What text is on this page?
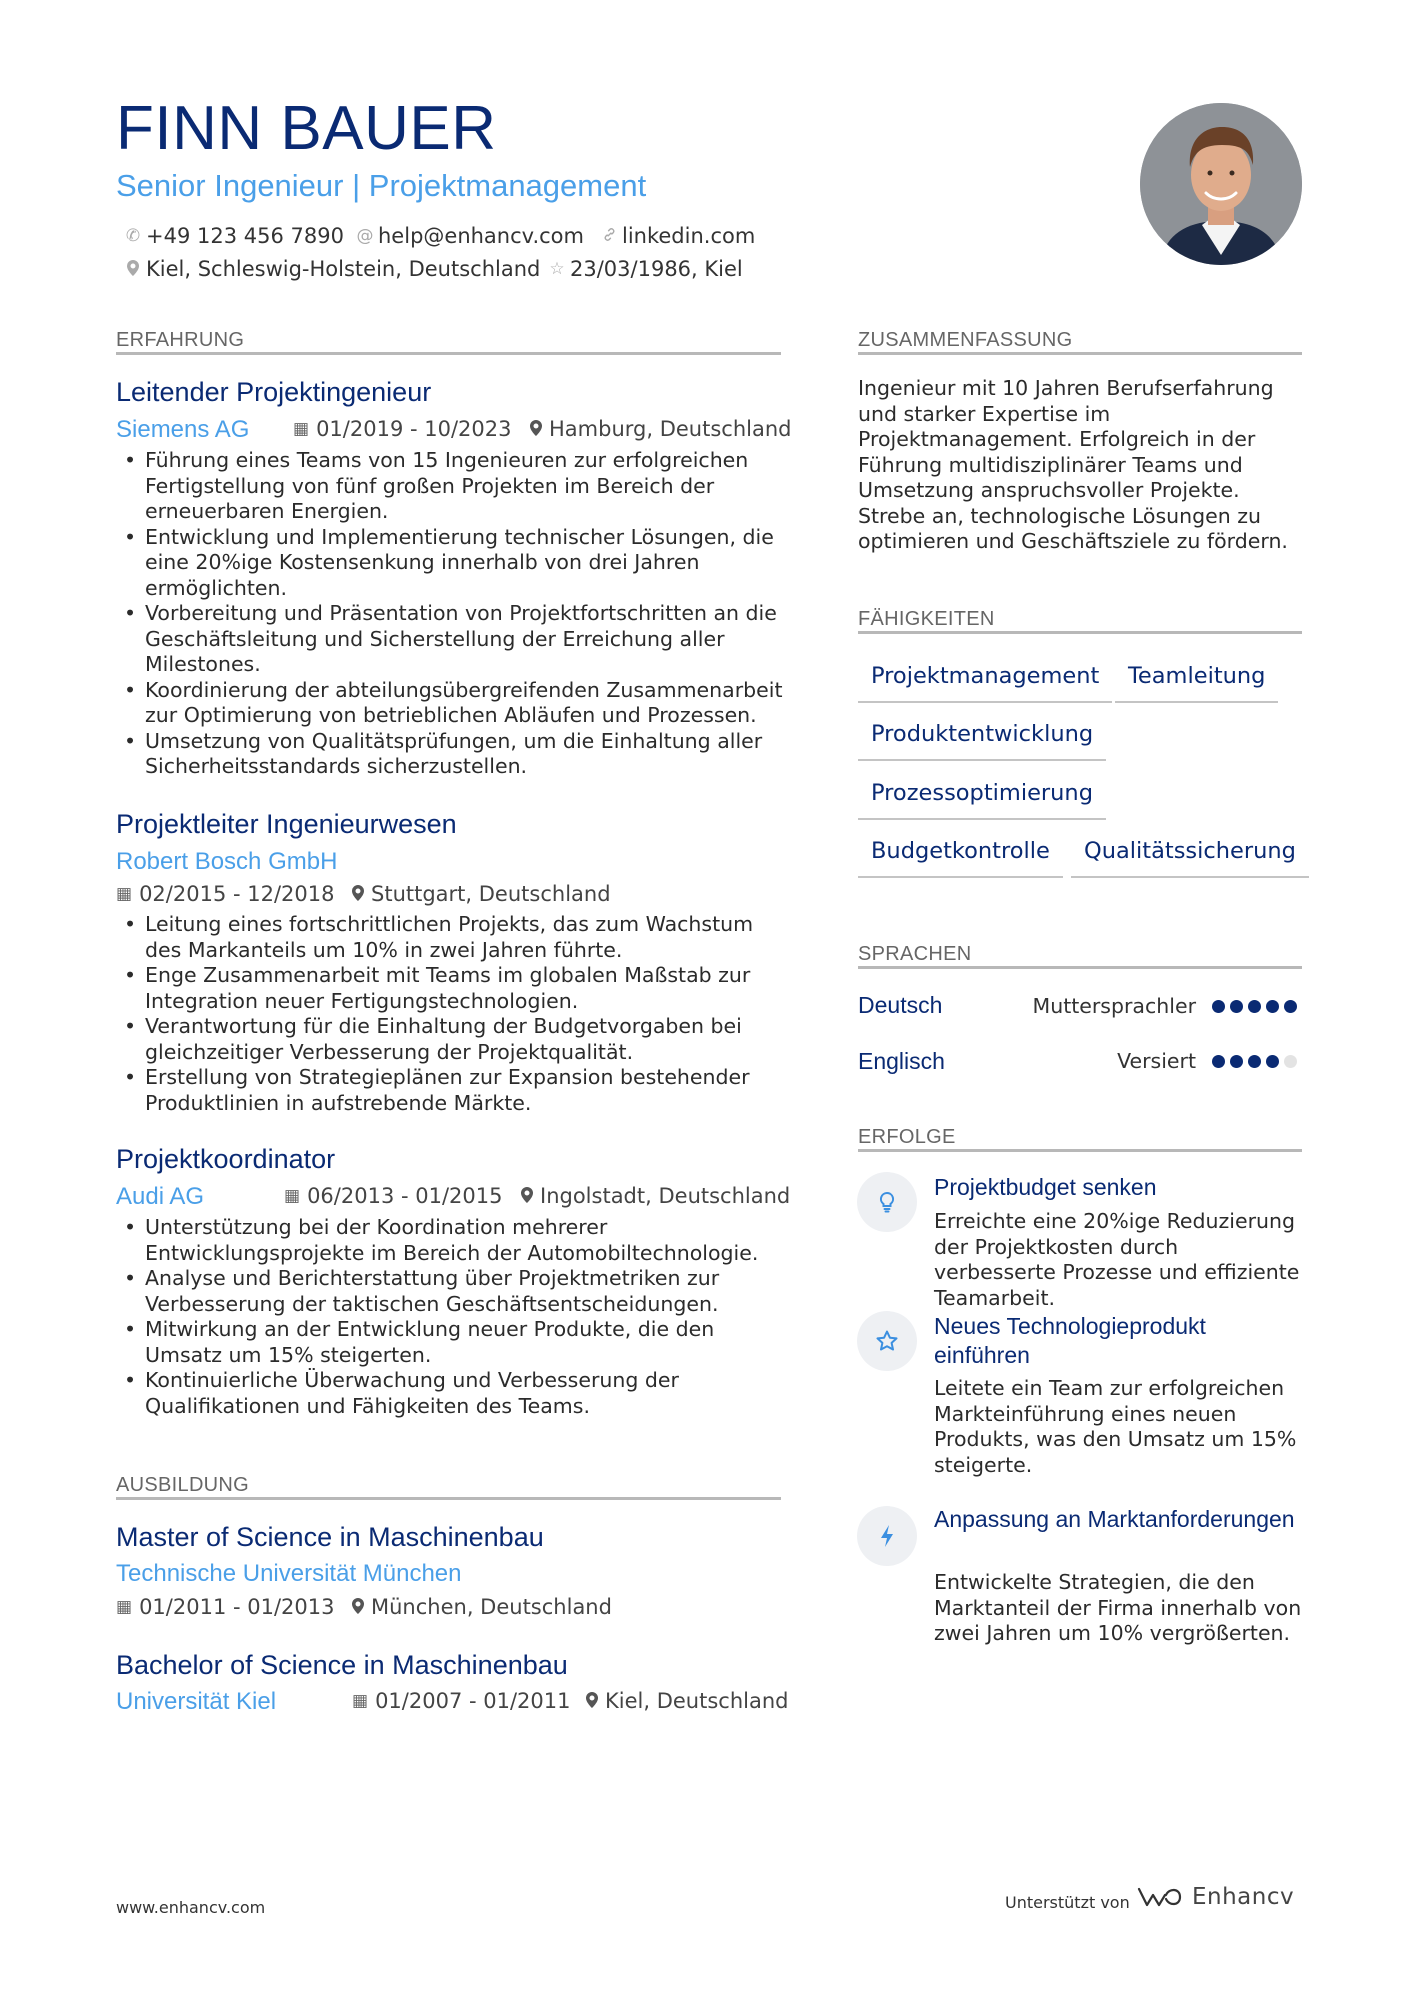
FINN BAUER
Senior Ingenieur | Projektmanagement
✆ +49 123 456 7890 @ help@enhancv.com linkedin.com
Kiel, Schleswig-Holstein, Deutschland ☆ 23/03/1986, Kiel
ERFAHRUNG
Leitender Projektingenieur
Siemens AG	▦ 01/2019 - 10/2023 Hamburg, Deutschland
• Führung eines Teams von 15 Ingenieuren zur erfolgreichen Fertigstellung von fünf großen Projekten im Bereich der erneuerbaren Energien.
• Entwicklung und Implementierung technischer Lösungen, die eine 20%ige Kostensenkung innerhalb von drei Jahren ermöglichten.
• Vorbereitung und Präsentation von Projektfortschritten an die Geschäftsleitung und Sicherstellung der Erreichung aller Milestones.
• Koordinierung der abteilungsübergreifenden Zusammenarbeit zur Optimierung von betrieblichen Abläufen und Prozessen.
• Umsetzung von Qualitätsprüfungen, um die Einhaltung aller Sicherheitsstandards sicherzustellen.
Projektleiter Ingenieurwesen
Robert Bosch GmbH
▦ 02/2015 - 12/2018 Stuttgart, Deutschland
• Leitung eines fortschrittlichen Projekts, das zum Wachstum des Markanteils um 10% in zwei Jahren führte.
• Enge Zusammenarbeit mit Teams im globalen Maßstab zur Integration neuer Fertigungstechnologien.
• Verantwortung für die Einhaltung der Budgetvorgaben bei gleichzeitiger Verbesserung der Projektqualität.
• Erstellung von Strategieplänen zur Expansion bestehender Produktlinien in aufstrebende Märkte.
Projektkoordinator
Audi AG	▦ 06/2013 - 01/2015 Ingolstadt, Deutschland
• Unterstützung bei der Koordination mehrerer Entwicklungsprojekte im Bereich der Automobiltechnologie.
• Analyse und Berichterstattung über Projektmetriken zur Verbesserung der taktischen Geschäftsentscheidungen.
• Mitwirkung an der Entwicklung neuer Produkte, die den Umsatz um 15% steigerten.
• Kontinuierliche Überwachung und Verbesserung der Qualifikationen und Fähigkeiten des Teams.
AUSBILDUNG
Master of Science in Maschinenbau
Technische Universität München
▦ 01/2011 - 01/2013 München, Deutschland
Bachelor of Science in Maschinenbau
Universität Kiel	▦ 01/2007 - 01/2011 Kiel, Deutschland
ZUSAMMENFASSUNG
Ingenieur mit 10 Jahren Berufserfahrung und starker Expertise im Projektmanagement. Erfolgreich in der Führung multidisziplinärer Teams und Umsetzung anspruchsvoller Projekte. Strebe an, technologische Lösungen zu optimieren und Geschäftsziele zu fördern.
FÄHIGKEITEN
Projektmanagement	Teamleitung
Produktentwicklung
Prozessoptimierung
Budgetkontrolle	Qualitätssicherung
SPRACHEN
Deutsch	Muttersprachler
Englisch	Versiert
ERFOLGE
Projektbudget senken
Erreichte eine 20%ige Reduzierung der Projektkosten durch verbesserte Prozesse und effiziente Teamarbeit.
Neues Technologieprodukt einführen
Leitete ein Team zur erfolgreichen Markteinführung eines neuen Produkts, was den Umsatz um 15% steigerte.
Anpassung an Marktanforderungen
Entwickelte Strategien, die den Marktanteil der Firma innerhalb von zwei Jahren um 10% vergrößerten.
www.enhancv.com	Unterstützt von	Enhancv
